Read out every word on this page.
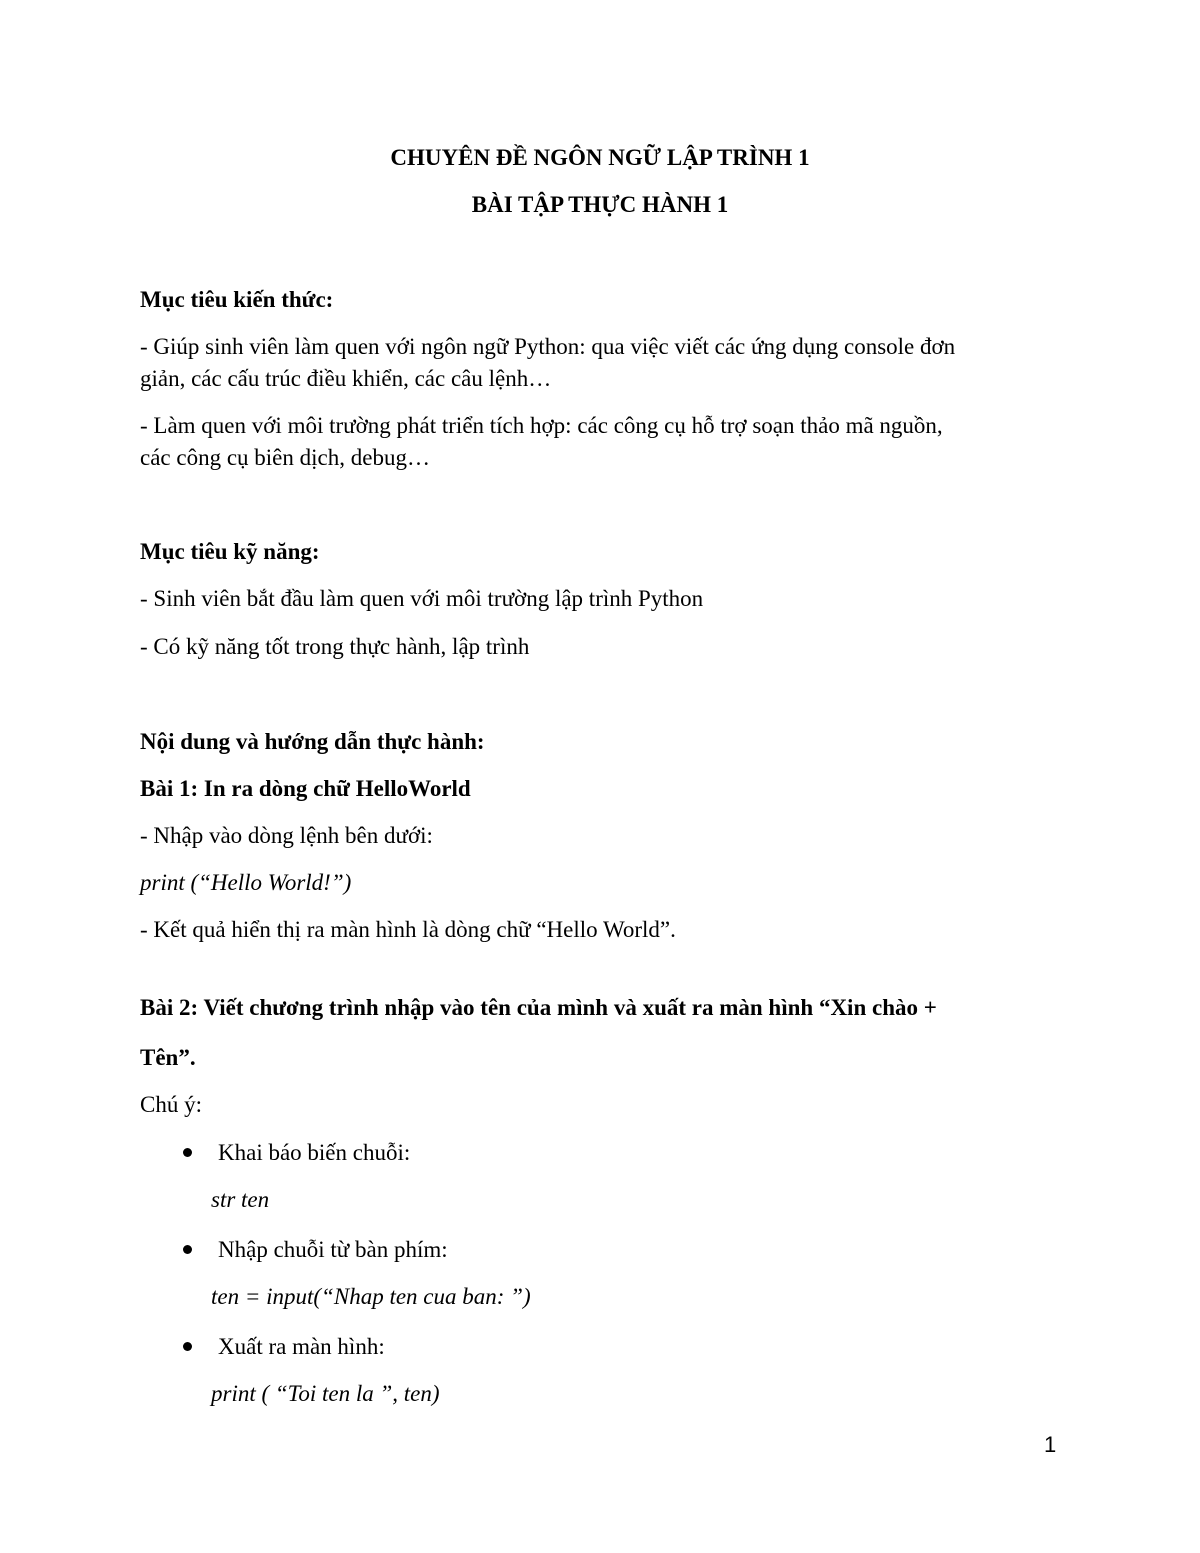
CHUYÊN ĐỀ NGÔN NGỮ LẬP TRÌNH 1

BÀI TẬP THỰC HÀNH 1

Mục tiêu kiến thức:

- Giúp sinh viên làm quen với ngôn ngữ Python: qua việc viết các ứng dụng console đơn

giản, các cấu trúc điều khiển, các câu lệnh…

- Làm quen với môi trường phát triển tích hợp: các công cụ hỗ trợ soạn thảo mã nguồn,

các công cụ biên dịch, debug…

Mục tiêu kỹ năng:

- Sinh viên bắt đầu làm quen với môi trường lập trình Python

- Có kỹ năng tốt trong thực hành, lập trình

Nội dung và hướng dẫn thực hành:

Bài 1: In ra dòng chữ HelloWorld

- Nhập vào dòng lệnh bên dưới:

print (“Hello World!”)

- Kết quả hiển thị ra màn hình là dòng chữ “Hello World”.

Bài 2: Viết chương trình nhập vào tên của mình và xuất ra màn hình “Xin chào +

Tên”.

Chú ý:

Khai báo biến chuỗi:

str ten

Nhập chuỗi từ bàn phím:

ten = input(“Nhap ten cua ban: ”)

Xuất ra màn hình:

print ( “Toi ten la ”, ten)

1
